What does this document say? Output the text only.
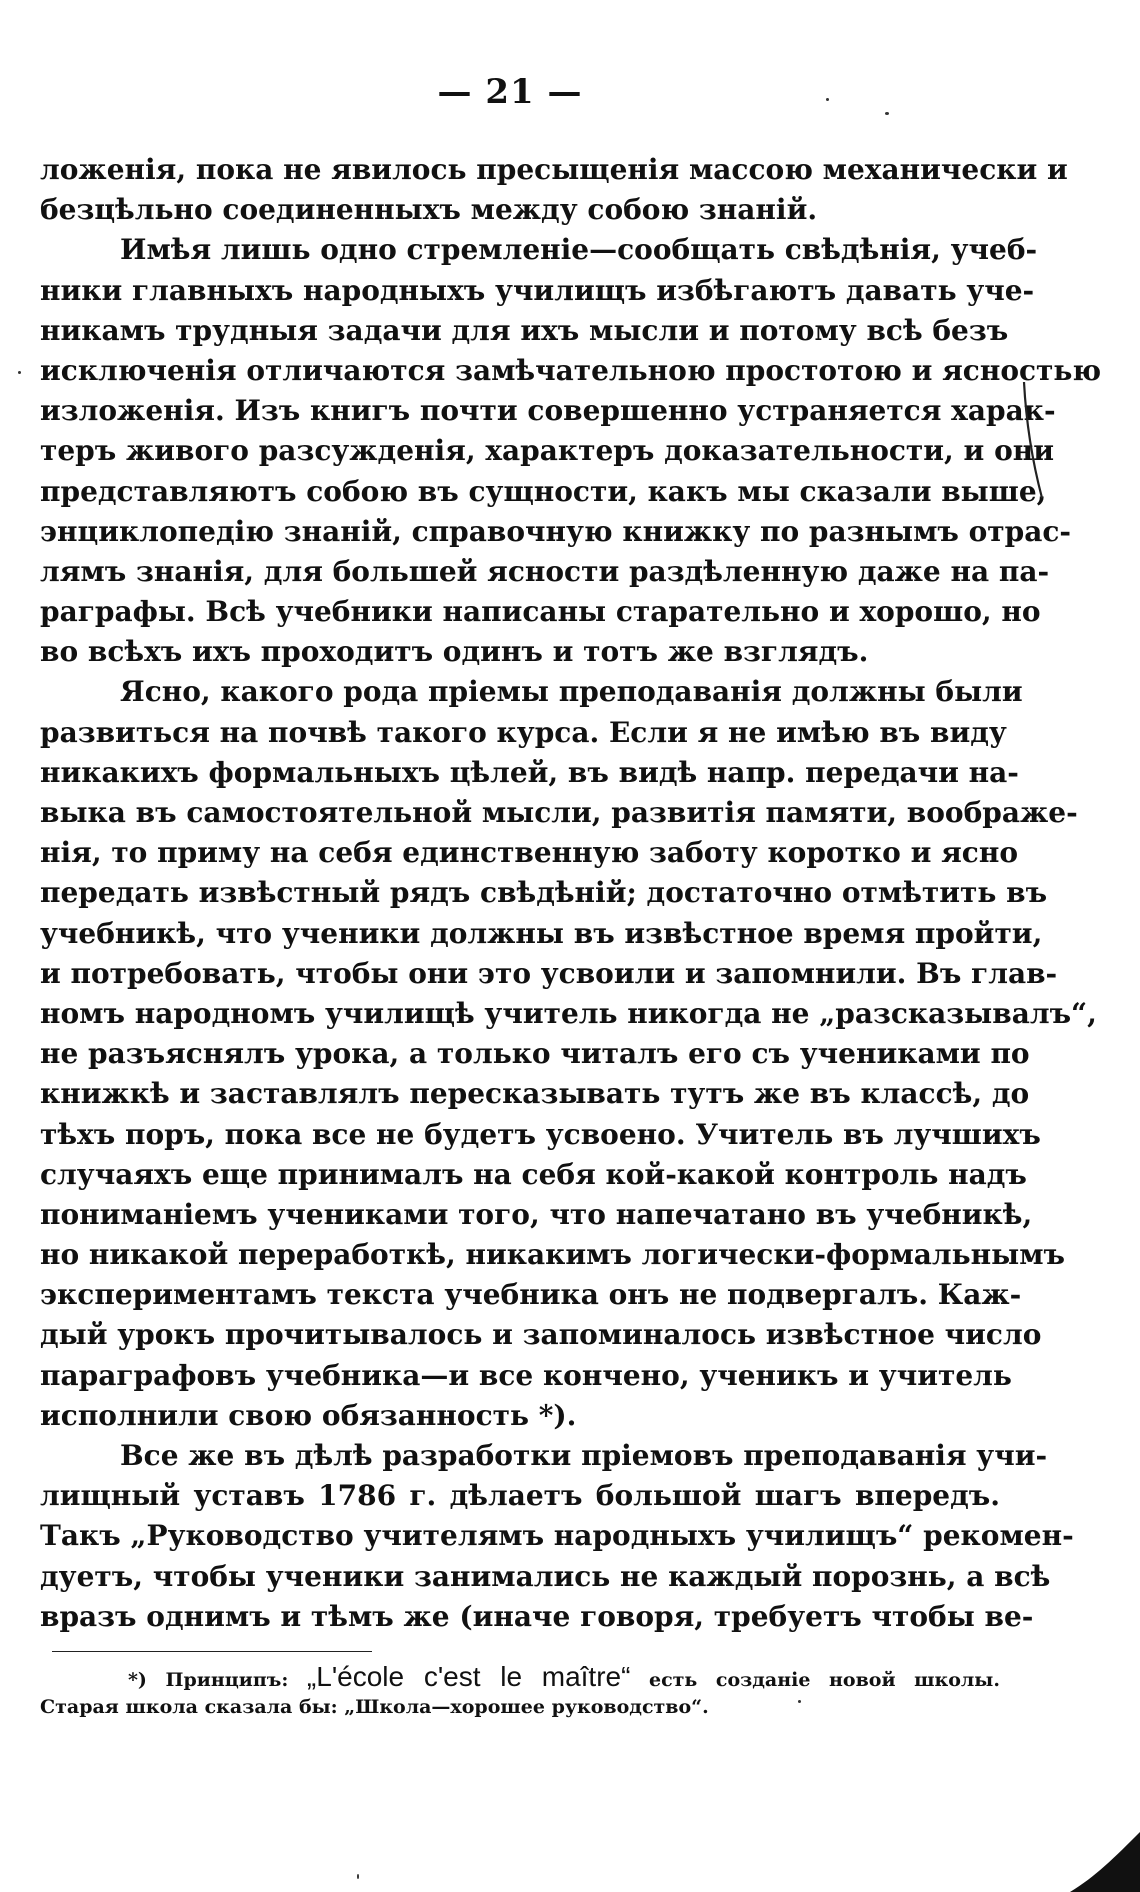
— 21 —
ложенія, пока не явилось пресыщенія массою механически и
безцѣльно соединенныхъ между собою знаній.
Имѣя лишь одно стремленіе—сообщать свѣдѣнія, учеб-
ники главныхъ народныхъ училищъ избѣгаютъ давать уче-
никамъ трудныя задачи для ихъ мысли и потому всѣ безъ
исключенія отличаются замѣчательною простотою и ясностью
изложенія. Изъ книгъ почти совершенно устраняется харак-
теръ живого разсужденія, характеръ доказательности, и они
представляютъ собою въ сущности, какъ мы сказали выше,
энциклопедію знаній, справочную книжку по разнымъ отрас-
лямъ знанія, для большей ясности раздѣленную даже на па-
раграфы. Всѣ учебники написаны старательно и хорошо, но
во всѣхъ ихъ проходитъ одинъ и тотъ же взглядъ.
Ясно, какого рода пріемы преподаванія должны были
развиться на почвѣ такого курса. Если я не имѣю въ виду
никакихъ формальныхъ цѣлей, въ видѣ напр. передачи на-
выка въ самостоятельной мысли, развитія памяти, воображе-
нія, то приму на себя единственную заботу коротко и ясно
передать извѣстный рядъ свѣдѣній; достаточно отмѣтить въ
учебникѣ, что ученики должны въ извѣстное время пройти,
и потребовать, чтобы они это усвоили и запомнили. Въ глав-
номъ народномъ училищѣ учитель никогда не „разсказывалъ“,
не разъяснялъ урока, а только читалъ его съ учениками по
книжкѣ и заставлялъ пересказывать тутъ же въ классѣ, до
тѣхъ поръ, пока все не будетъ усвоено. Учитель въ лучшихъ
случаяхъ еще принималъ на себя кой-какой контроль надъ
пониманіемъ учениками того, что напечатано въ учебникѣ,
но никакой переработкѣ, никакимъ логически-формальнымъ
экспериментамъ текста учебника онъ не подвергалъ. Каж-
дый урокъ прочитывалось и запоминалось извѣстное число
параграфовъ учебника—и все кончено, ученикъ и учитель
исполнили свою обязанность *).
Все же въ дѣлѣ разработки пріемовъ преподаванія учи-
лищный уставъ 1786 г. дѣлаетъ большой шагъ впередъ.
Такъ „Руководство учителямъ народныхъ училищъ“ рекомен-
дуетъ, чтобы ученики занимались не каждый порознь, а всѣ
вразъ однимъ и тѣмъ же (иначе говоря, требуетъ чтобы ве-
*) Принципъ: „L'école c'est le maître“ есть созданіе новой школы.
Старая школа сказала бы: „Школа—хорошее руководство“.
